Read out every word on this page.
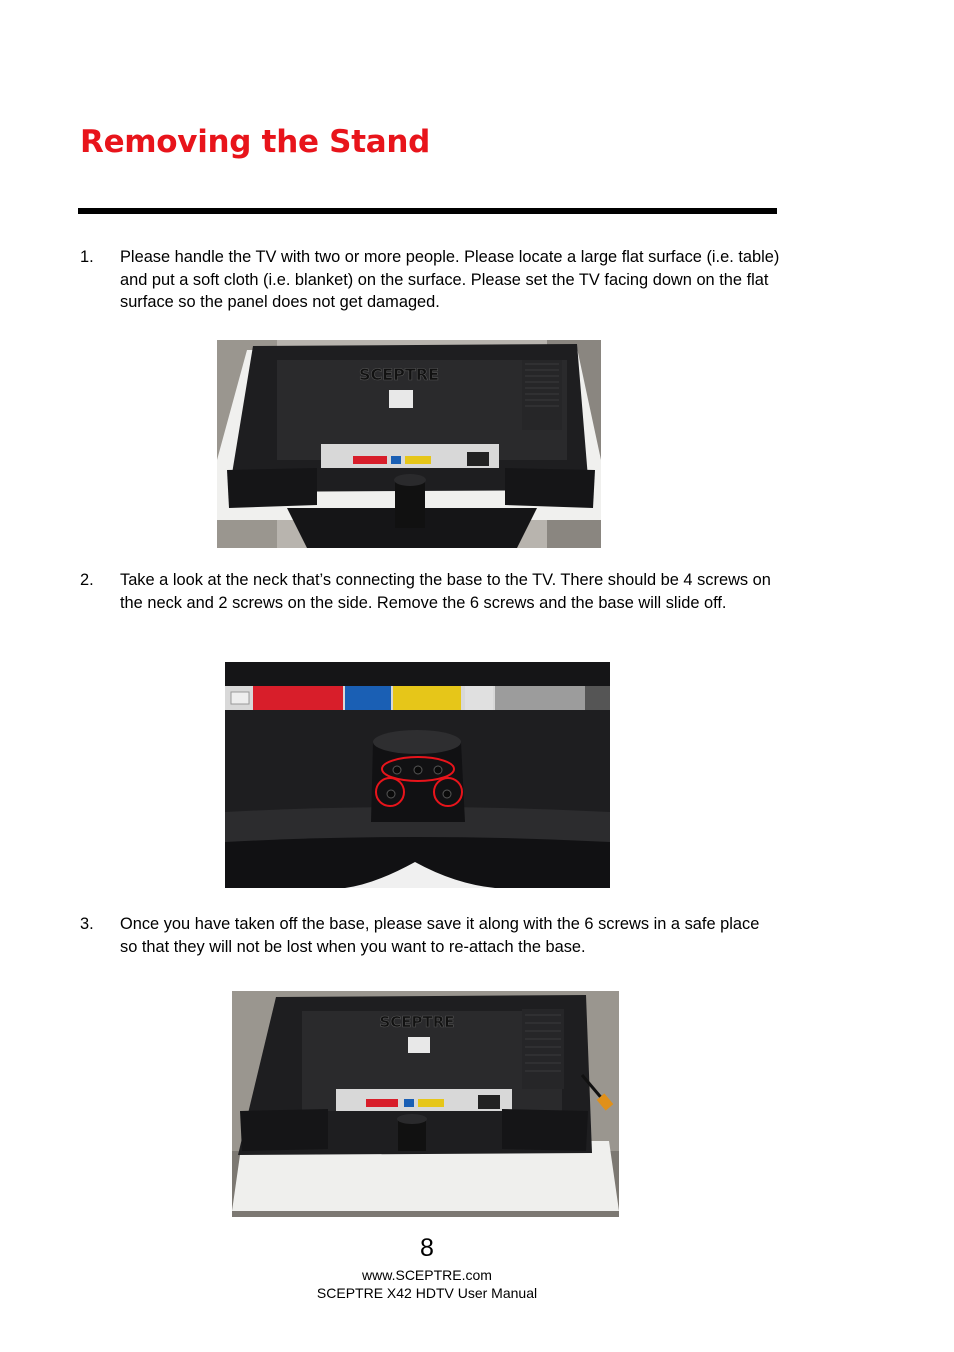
Removing the Stand
1. Please handle the TV with two or more people. Please locate a large flat surface (i.e. table) and put a soft cloth (i.e. blanket) on the surface. Please set the TV facing down on the flat surface so the panel does not get damaged.
SCEPTRE
2. Take a look at the neck that’s connecting the base to the TV. There should be 4 screws on the neck and 2 screws on the side. Remove the 6 screws and the base will slide off.
3. Once you have taken off the base, please save it along with the 6 screws in a safe place so that they will not be lost when you want to re-attach the base.
SCEPTRE
8
www.SCEPTRE.com
SCEPTRE X42 HDTV User Manual
